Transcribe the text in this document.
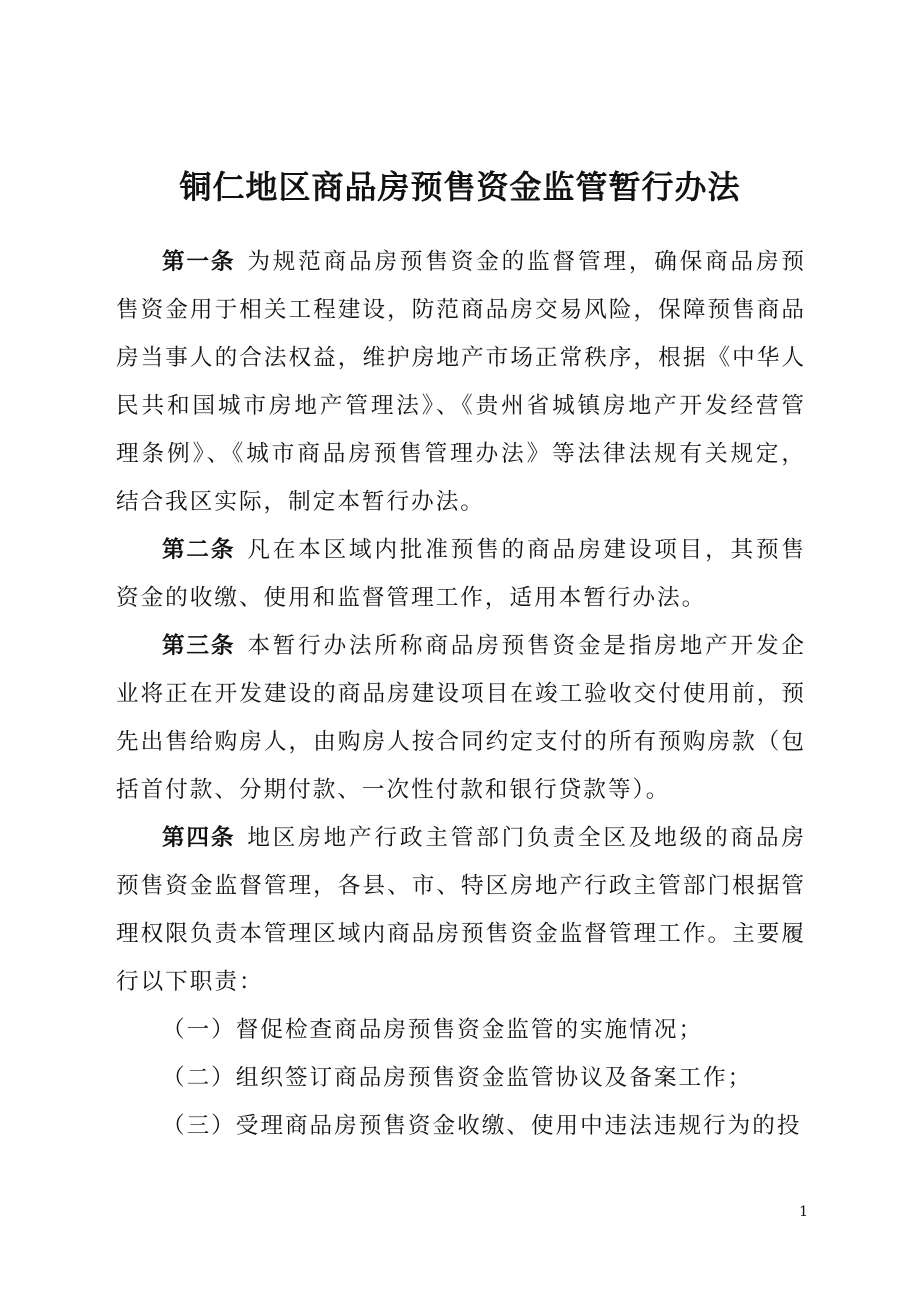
铜仁地区商品房预售资金监管暂行办法

第一条 为规范商品房预售资金的监督管理，确保商品房预售资金用于相关工程建设，防范商品房交易风险，保障预售商品房当事人的合法权益，维护房地产市场正常秩序，根据《中华人民共和国城市房地产管理法》、《贵州省城镇房地产开发经营管理条例》、《城市商品房预售管理办法》等法律法规有关规定，结合我区实际，制定本暂行办法。

第二条 凡在本区域内批准预售的商品房建设项目，其预售资金的收缴、使用和监督管理工作，适用本暂行办法。

第三条 本暂行办法所称商品房预售资金是指房地产开发企业将正在开发建设的商品房建设项目在竣工验收交付使用前，预先出售给购房人，由购房人按合同约定支付的所有预购房款（包括首付款、分期付款、一次性付款和银行贷款等）。

第四条 地区房地产行政主管部门负责全区及地级的商品房预售资金监督管理，各县、市、特区房地产行政主管部门根据管理权限负责本管理区域内商品房预售资金监督管理工作。主要履行以下职责：

（一）督促检查商品房预售资金监管的实施情况；

（二）组织签订商品房预售资金监管协议及备案工作；

（三）受理商品房预售资金收缴、使用中违法违规行为的投

1
